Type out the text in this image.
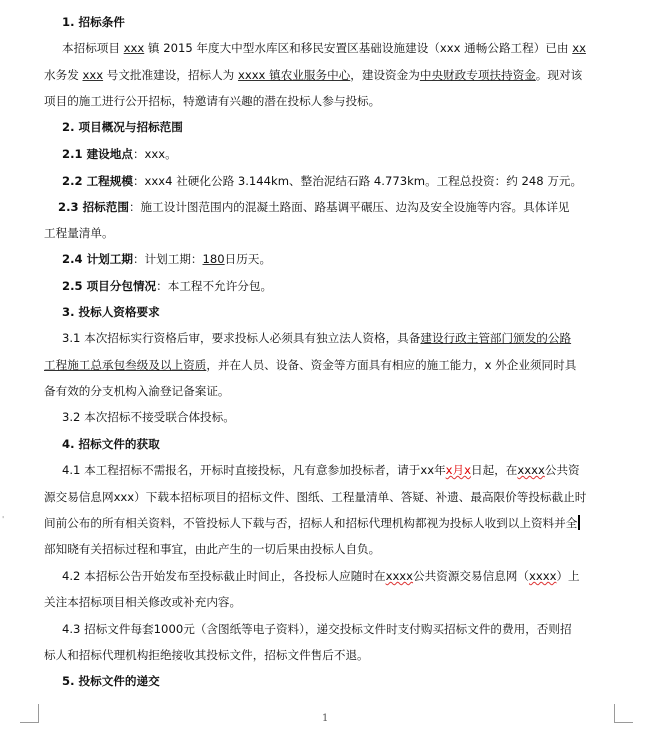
1. 招标条件
本招标项目 xxx 镇 2015 年度大中型水库区和移民安置区基础设施建设（xxx 通畅公路工程）已由 xx
水务发 xxx 号文批准建设，招标人为 xxxx 镇农业服务中心，建设资金为中央财政专项扶持资金。现对该
项目的施工进行公开招标，特邀请有兴趣的潜在投标人参与投标。
2. 项目概况与招标范围
2.1 建设地点：xxx。
2.2 工程规模：xxx4 社硬化公路 3.144km、整治泥结石路 4.773km。工程总投资：约 248 万元。
2.3 招标范围：施工设计图范围内的混凝土路面、路基调平碾压、边沟及安全设施等内容。具体详见
工程量清单。
2.4 计划工期：计划工期：180日历天。
2.5 项目分包情况：本工程不允许分包。
3. 投标人资格要求
3.1 本次招标实行资格后审，要求投标人必须具有独立法人资格，具备建设行政主管部门颁发的公路
工程施工总承包叁级及以上资质，并在人员、设备、资金等方面具有相应的施工能力，x 外企业须同时具
备有效的分支机构入渝登记备案证。
3.2 本次招标不接受联合体投标。
4. 招标文件的获取
4.1 本工程招标不需报名，开标时直接投标，凡有意参加投标者，请于xx年x月x日起，在xxxx公共资
源交易信息网xxx）下载本招标项目的招标文件、图纸、工程量清单、答疑、补遗、最高限价等投标截止时
间前公布的所有相关资料，不管投标人下载与否，招标人和招标代理机构都视为投标人收到以上资料并全
部知晓有关招标过程和事宜，由此产生的一切后果由投标人自负。
4.2 本招标公告开始发布至投标截止时间止，各投标人应随时在xxxx公共资源交易信息网（xxxx）上
关注本招标项目相关修改或补充内容。
4.3 招标文件每套1000元（含图纸等电子资料），递交投标文件时支付购买招标文件的费用，否则招
标人和招标代理机构拒绝接收其投标文件，招标文件售后不退。
5. 投标文件的递交
1
'
